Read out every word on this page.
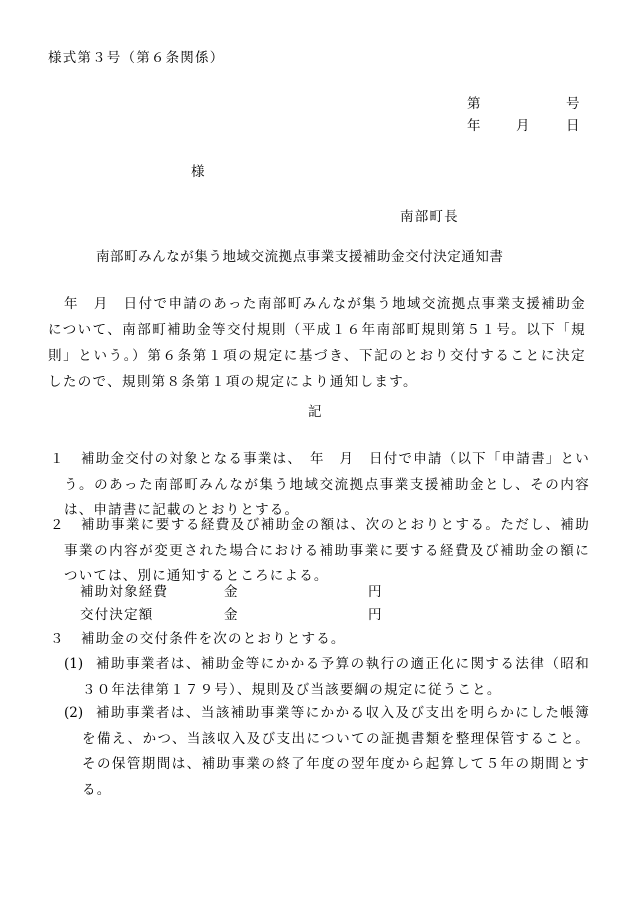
様式第３号（第６条関係）
第	号
年	月	日
様
南部町長
南部町みんなが集う地域交流拠点事業支援補助金交付決定通知書
年　月　日付で申請のあった南部町みんなが集う地域交流拠点事業支援補助金について、南部町補助金等交付規則（平成１６年南部町規則第５１号。以下「規則」という。）第６条第１項の規定に基づき、下記のとおり交付することに決定したので、規則第８条第１項の規定により通知します。
記
１	補助金交付の対象となる事業は、　年　月　日付で申請（以下「申請書」という。のあった南部町みんなが集う地域交流拠点事業支援補助金とし、その内容は、申請書に記載のとおりとする。
２	補助事業に要する経費及び補助金の額は、次のとおりとする。ただし、補助事業の内容が変更された場合における補助事業に要する経費及び補助金の額については、別に通知するところによる。
補助対象経費	金	円
交付決定額	金	円
３	補助金の交付条件を次のとおりとする。
(1) 補助事業者は、補助金等にかかる予算の執行の適正化に関する法律（昭和３０年法律第１７９号）、規則及び当該要綱の規定に従うこと。
(2) 補助事業者は、当該補助事業等にかかる収入及び支出を明らかにした帳簿を備え、かつ、当該収入及び支出についての証拠書類を整理保管すること。その保管期間は、補助事業の終了年度の翌年度から起算して５年の期間とする。
